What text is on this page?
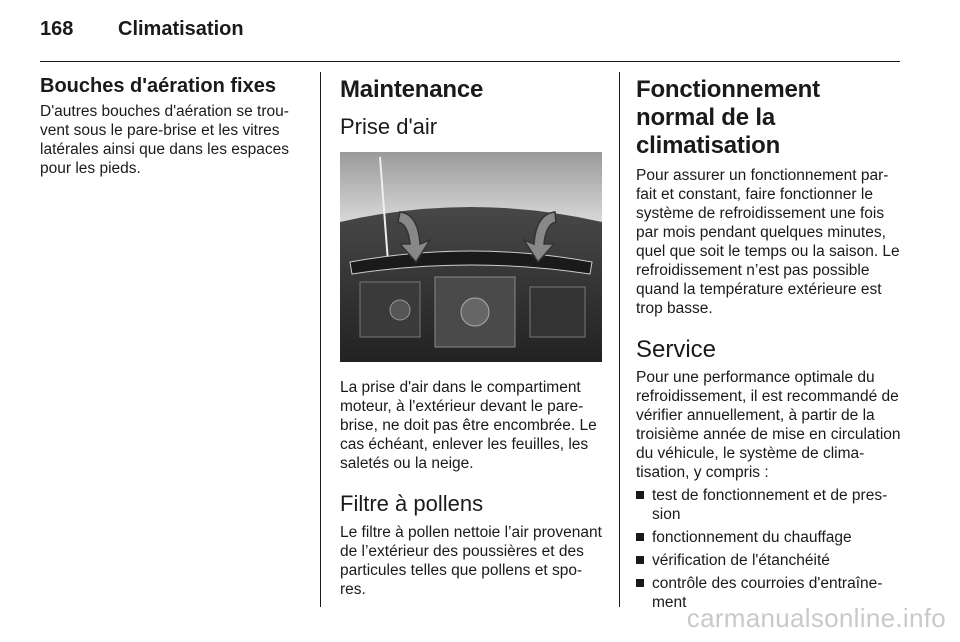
168 Climatisation
Bouches d'aération fixes

D'autres bouches d'aération se trouvent sous le pare-brise et les vitres latérales ainsi que dans les espaces pour les pieds.

Maintenance
Prise d'air

La prise d'air dans le compartiment moteur, à l'extérieur devant le pare-brise, ne doit pas être encombrée. Le cas échéant, enlever les feuilles, les saletés ou la neige.

Filtre à pollens

Le filtre à pollen nettoie l’air provenant de l’extérieur des poussières et des particules telles que pollens et spores.

Fonctionnement normal de la climatisation

Pour assurer un fonctionnement parfait et constant, faire fonctionner le système de refroidissement une fois par mois pendant quelques minutes, quel que soit le temps ou la saison. Le refroidissement n’est pas possible quand la température extérieure est trop basse.

Service

Pour une performance optimale du refroidissement, il est recommandé de vérifier annuellement, à partir de la troisième année de mise en circulation du véhicule, le système de climatisation, y compris :

test de fonctionnement et de pression
fonctionnement du chauffage
vérification de l'étanchéité
contrôle des courroies d'entraînement
carmanualsonline.info
